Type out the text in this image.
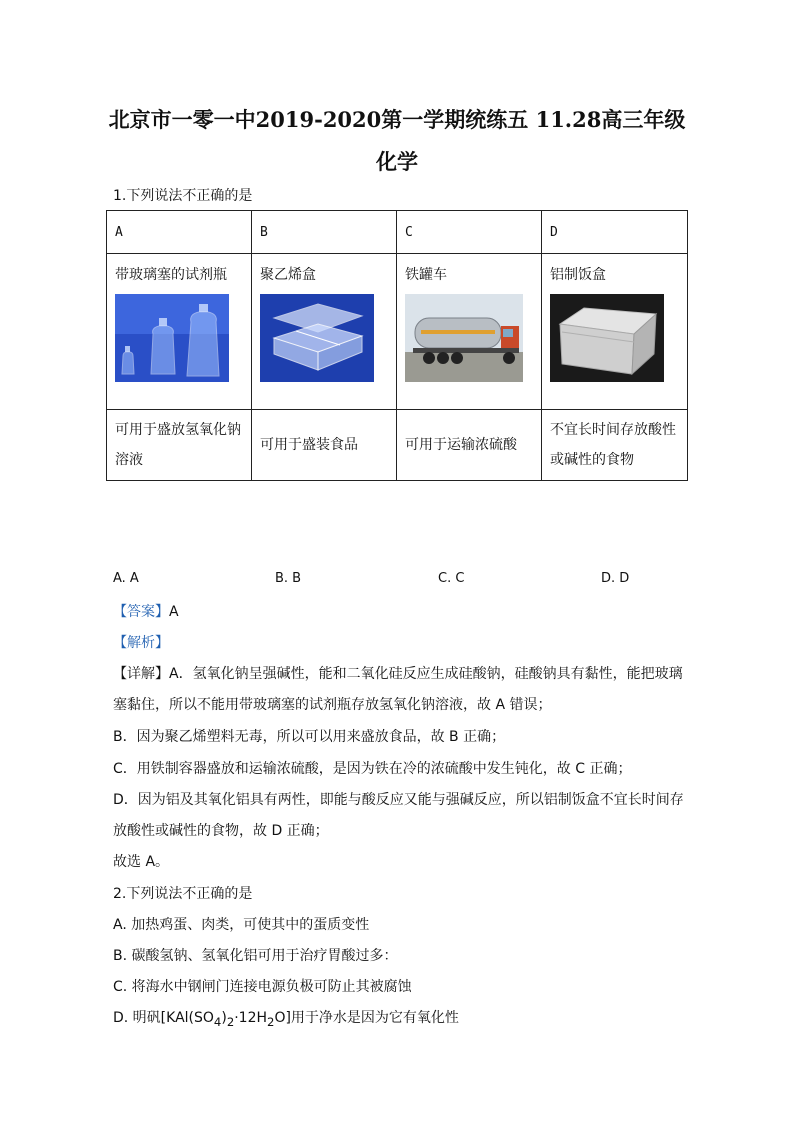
北京市一零一中2019-2020第一学期统练五 11.28高三年级
化学
1.下列说法不正确的是
A	B	C	D

带玻璃塞的试剂瓶	聚乙烯盒	铁罐车	铝制饭盒

可用于盛放氢氧化钠溶液	可用于盛装食品	可用于运输浓硫酸	不宜长时间存放酸性或碱性的食物
A. A	B. B	C. C	D. D
【答案】A
【解析】
【详解】A．氢氧化钠呈强碱性，能和二氧化硅反应生成硅酸钠，硅酸钠具有黏性，能把玻璃
塞黏住，所以不能用带玻璃塞的试剂瓶存放氢氧化钠溶液，故 A 错误；
B．因为聚乙烯塑料无毒，所以可以用来盛放食品，故 B 正确；
C．用铁制容器盛放和运输浓硫酸，是因为铁在冷的浓硫酸中发生钝化，故 C 正确；
D．因为铝及其氧化铝具有两性，即能与酸反应又能与强碱反应，所以铝制饭盒不宜长时间存
放酸性或碱性的食物，故 D 正确；
故选 A。
2.下列说法不正确的是
A. 加热鸡蛋、肉类，可使其中的蛋质变性
B. 碳酸氢钠、氢氧化铝可用于治疗胃酸过多：
C. 将海水中钢闸门连接电源负极可防止其被腐蚀
D. 明矾$[KAl(SO_4)_2\cdot 12H_2O]$用于净水是因为它有氧化性
